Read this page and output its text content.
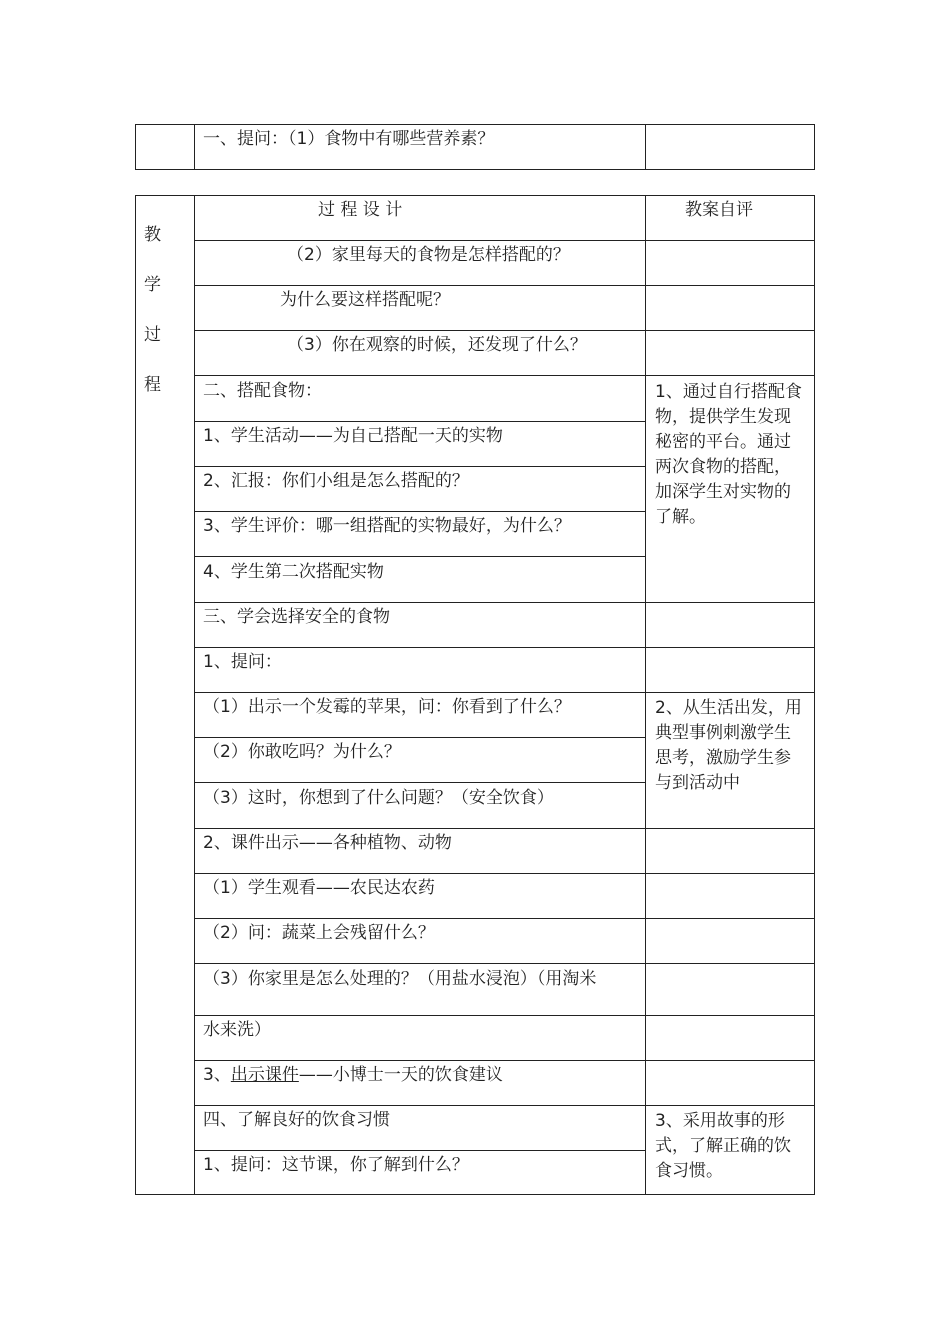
一、提问：（1）食物中有哪些营养素？
教
学
过
程
过 程 设 计	教案自评
（2）家里每天的食物是怎样搭配的？
为什么要这样搭配呢？
（3）你在观察的时候，还发现了什么？
二、搭配食物：
1、学生活动——为自己搭配一天的实物
2、汇报：你们小组是怎么搭配的？
3、学生评价：哪一组搭配的实物最好，为什么？
4、学生第二次搭配实物
三、学会选择安全的食物
1、提问：
（1）出示一个发霉的苹果，问：你看到了什么？
（2）你敢吃吗？为什么？
（3）这时，你想到了什么问题？（安全饮食）
2、课件出示——各种植物、动物
（1）学生观看——农民达农药
（2）问：蔬菜上会残留什么？
（3）你家里是怎么处理的？（用盐水浸泡）（用淘米
水来洗）
3、出示课件——小博士一天的饮食建议
四、了解良好的饮食习惯
1、提问：这节课，你了解到什么？
1、通过自行搭配食物，提供学生发现秘密的平台。通过两次食物的搭配，加深学生对实物的了解。
2、从生活出发，用典型事例刺激学生思考，激励学生参与到活动中
3、采用故事的形式，了解正确的饮食习惯。
